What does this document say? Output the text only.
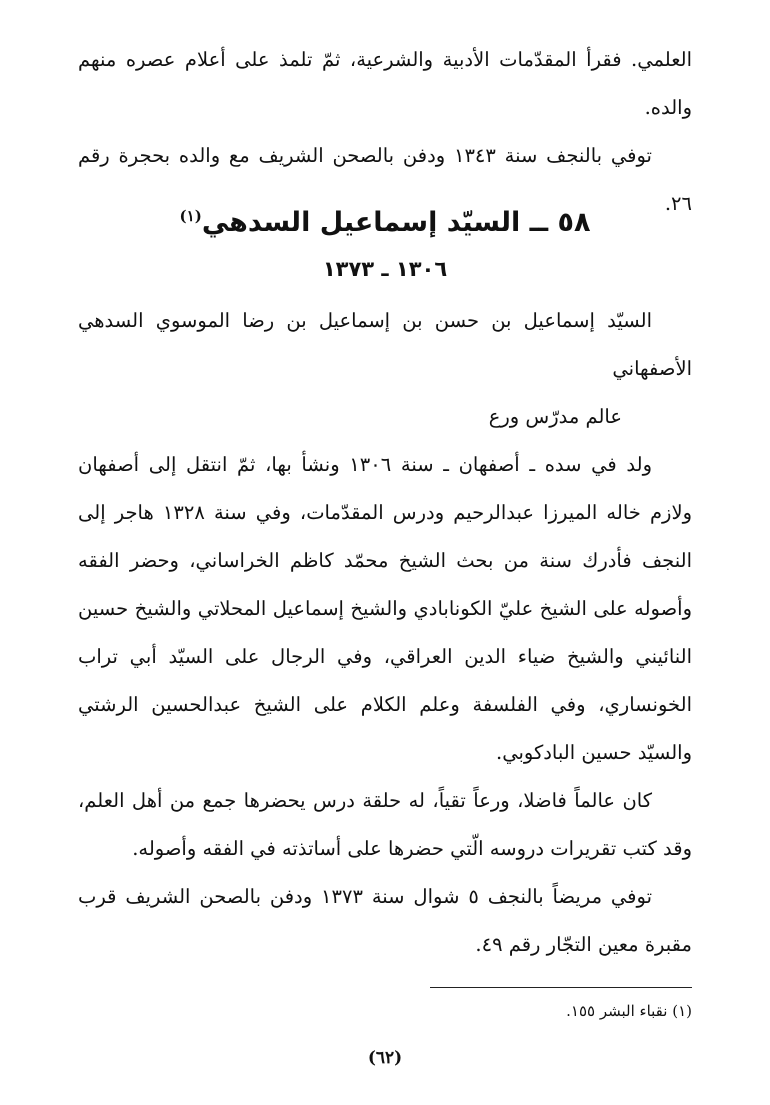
العلمي. فقرأ المقدّمات الأدبية والشرعية، ثمّ تلمذ على أعلام عصره منهم والده.

توفي بالنجف سنة ١٣٤٣ ودفن بالصحن الشريف مع والده بحجرة رقم ٢٦.

٥٨ ــ السيّد إسماعيل السدهي$^{(١)}$
١٣٠٦ ـ ١٣٧٣

السيّد إسماعيل بن حسن بن إسماعيل بن رضا الموسوي السدهي الأصفهاني

عالم مدرّس ورع

ولد في سده ـ أصفهان ـ سنة ١٣٠٦ ونشأ بها، ثمّ انتقل إلى أصفهان ولازم خاله الميرزا عبدالرحيم ودرس المقدّمات، وفي سنة ١٣٢٨ هاجر إلى النجف فأدرك سنة من بحث الشيخ محمّد كاظم الخراساني، وحضر الفقه وأصوله على الشيخ عليّ الكونابادي والشيخ إسماعيل المحلاتي والشيخ حسين النائيني والشيخ ضياء الدين العراقي، وفي الرجال على السيّد أبي تراب الخونساري، وفي الفلسفة وعلم الكلام على الشيخ عبدالحسين الرشتي والسيّد حسين البادكوبي.

كان عالماً فاضلا، ورعاً تقياً، له حلقة درس يحضرها جمع من أهل العلم، وقد كتب تقريرات دروسه الّتي حضرها على أساتذته في الفقه وأصوله.

توفي مريضاً بالنجف ٥ شوال سنة ١٣٧٣ ودفن بالصحن الشريف قرب مقبرة معين التجّار رقم ٤٩.

(١) نقباء البشر ١٥٥.
(٦٢)
